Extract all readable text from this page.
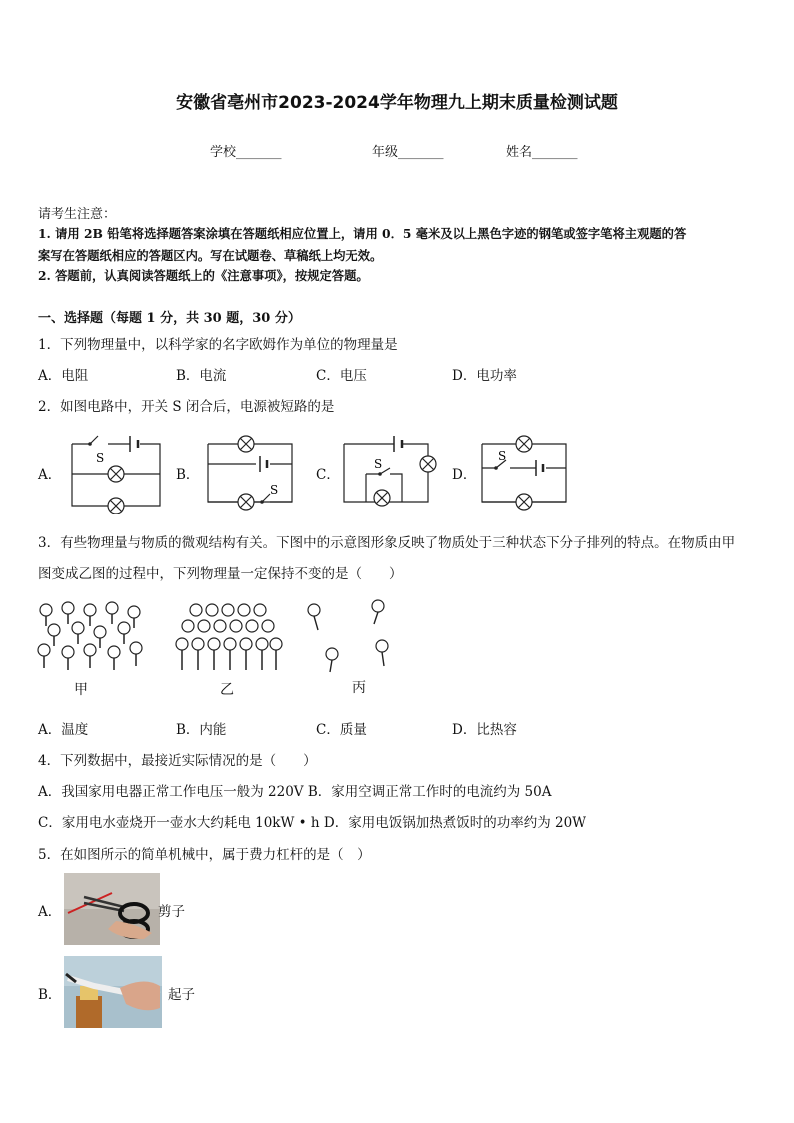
安徽省亳州市2023-2024学年物理九上期末质量检测试题
学校_______	年级_______	姓名_______
请考生注意：
1. 请用 2B 铅笔将选择题答案涂填在答题纸相应位置上，请用 0．5 毫米及以上黑色字迹的钢笔或签字笔将主观题的答
案写在答题纸相应的答题区内。写在试题卷、草稿纸上均无效。
2. 答题前，认真阅读答题纸上的《注意事项》，按规定答题。
一、选择题（每题 1 分，共 30 题，30 分）
1．下列物理量中，以科学家的名字欧姆作为单位的物理量是
A．电阻	B．电流	C．电压	D．电功率
2．如图电路中，开关 S 闭合后，电源被短路的是
A．	B．	C．	D．
S
S
S
S
3．有些物理量与物质的微观结构有关。下图中的示意图形象反映了物质处于三种状态下分子排列的特点。在物质由甲
图变成乙图的过程中，下列物理量一定保持不变的是（　　）
甲	乙	丙
A．温度	B．内能	C．质量	D．比热容
4．下列数据中，最接近实际情况的是（　　）
A．我国家用电器正常工作电压一般为 220V B．家用空调正常工作时的电流约为 50A
C．家用电水壶烧开一壶水大约耗电 10kW • h D．家用电饭锅加热煮饭时的功率约为 20W
5．在如图所示的简单机械中，属于费力杠杆的是（　）
A．	剪子
B．	起子
